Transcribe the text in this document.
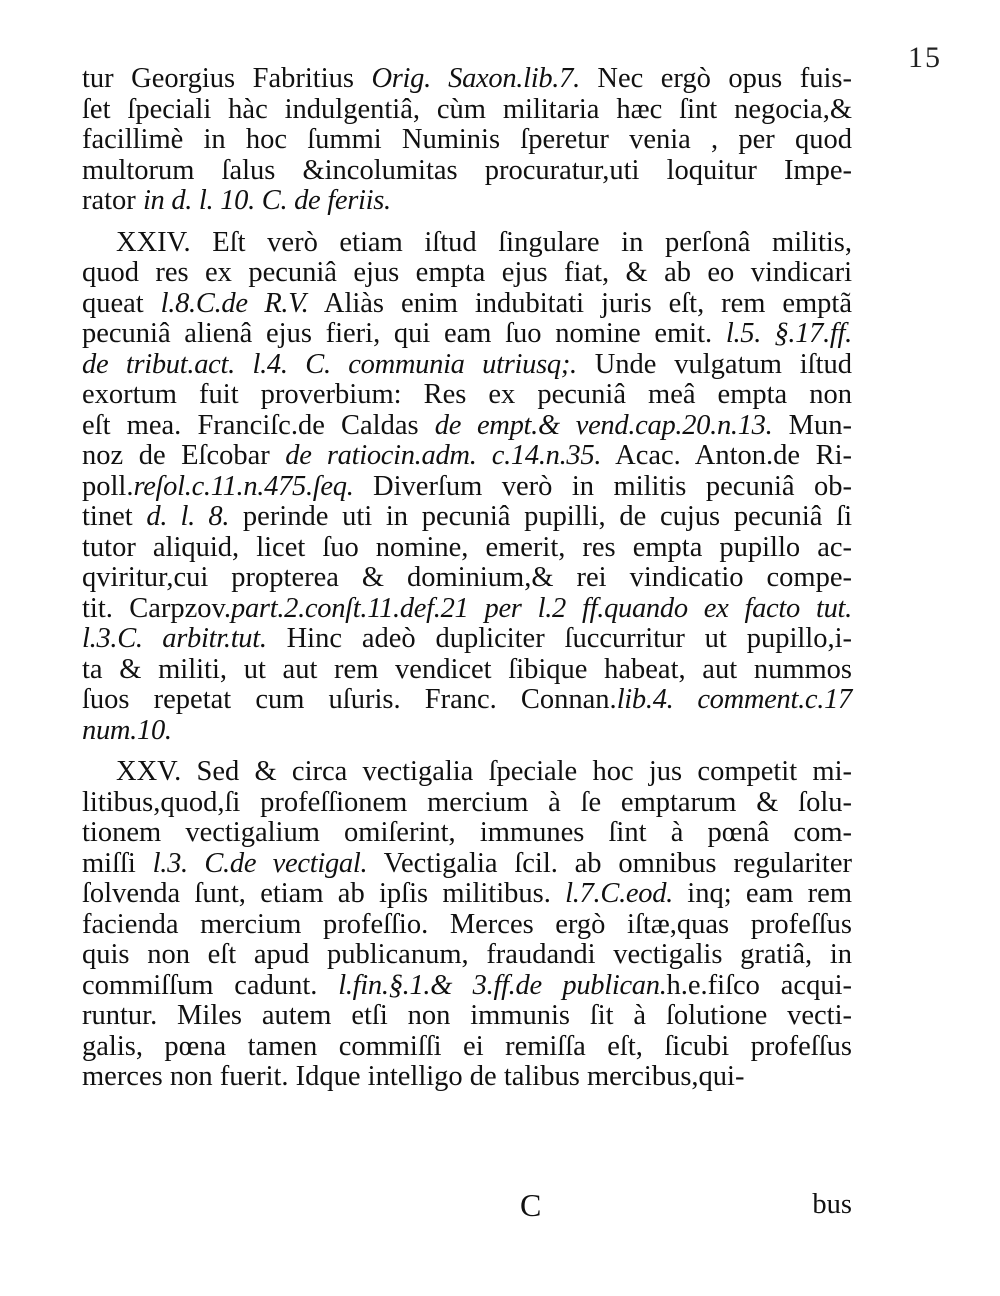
15
tur Georgius Fabritius Orig. Saxon.lib.7. Nec ergò opus fuis-
ſet ſpeciali hàc indulgentiâ, cùm militaria hæc ſint negocia,&
facillimè in hoc ſummi Numinis ſperetur venia , per quod
multorum ſalus &incolumitas procuratur,uti loquitur Impe-
rator in d. l. 10. C. de feriis.
XXIV. Eſt verò etiam iſtud ſingulare in perſonâ militis,
quod res ex pecuniâ ejus empta ejus fiat, & ab eo vindicari
queat l.8.C.de R.V. Aliàs enim indubitati juris eſt, rem emptã
pecuniâ alienâ ejus fieri, qui eam ſuo nomine emit. l.5. §.17.ff.
de tribut.act. l.4. C. communia utriusq;. Unde vulgatum iſtud
exortum fuit proverbium: Res ex pecuniâ meâ empta non
eſt mea. Franciſc.de Caldas de empt.& vend.cap.20.n.13. Mun-
noz de Eſcobar de ratiocin.adm. c.14.n.35. Acac. Anton.de Ri-
poll.reſol.c.11.n.475.ſeq. Diverſum verò in militis pecuniâ ob-
tinet d. l. 8. perinde uti in pecuniâ pupilli, de cujus pecuniâ ſi
tutor aliquid, licet ſuo nomine, emerit, res empta pupillo ac-
qviritur,cui propterea & dominium,& rei vindicatio compe-
tit. Carpzov.part.2.conſt.11.def.21 per l.2 ff.quando ex facto tut.
l.3.C. arbitr.tut. Hinc adeò dupliciter ſuccurritur ut pupillo,i-
ta & militi, ut aut rem vendicet ſibique habeat, aut nummos
ſuos repetat cum uſuris. Franc. Connan.lib.4. comment.c.17
num.10.
XXV. Sed & circa vectigalia ſpeciale hoc jus competit mi-
litibus,quod,ſi profeſſionem mercium à ſe emptarum & ſolu-
tionem vectigalium omiſerint, immunes ſint à pœnâ com-
miſſi l.3. C.de vectigal. Vectigalia ſcil. ab omnibus regulariter
ſolvenda ſunt, etiam ab ipſis militibus. l.7.C.eod. inq; eam rem
facienda mercium profeſſio. Merces ergò iſtæ,quas profeſſus
quis non eſt apud publicanum, fraudandi vectigalis gratiâ, in
commiſſum cadunt. l.fin.§.1.& 3.ff.de publican.h.e.fiſco acqui-
runtur. Miles autem etſi non immunis ſit à ſolutione vecti-
galis, pœna tamen commiſſi ei remiſſa eſt, ſicubi profeſſus
merces non fuerit. Idque intelligo de talibus mercibus,qui-
C	bus
